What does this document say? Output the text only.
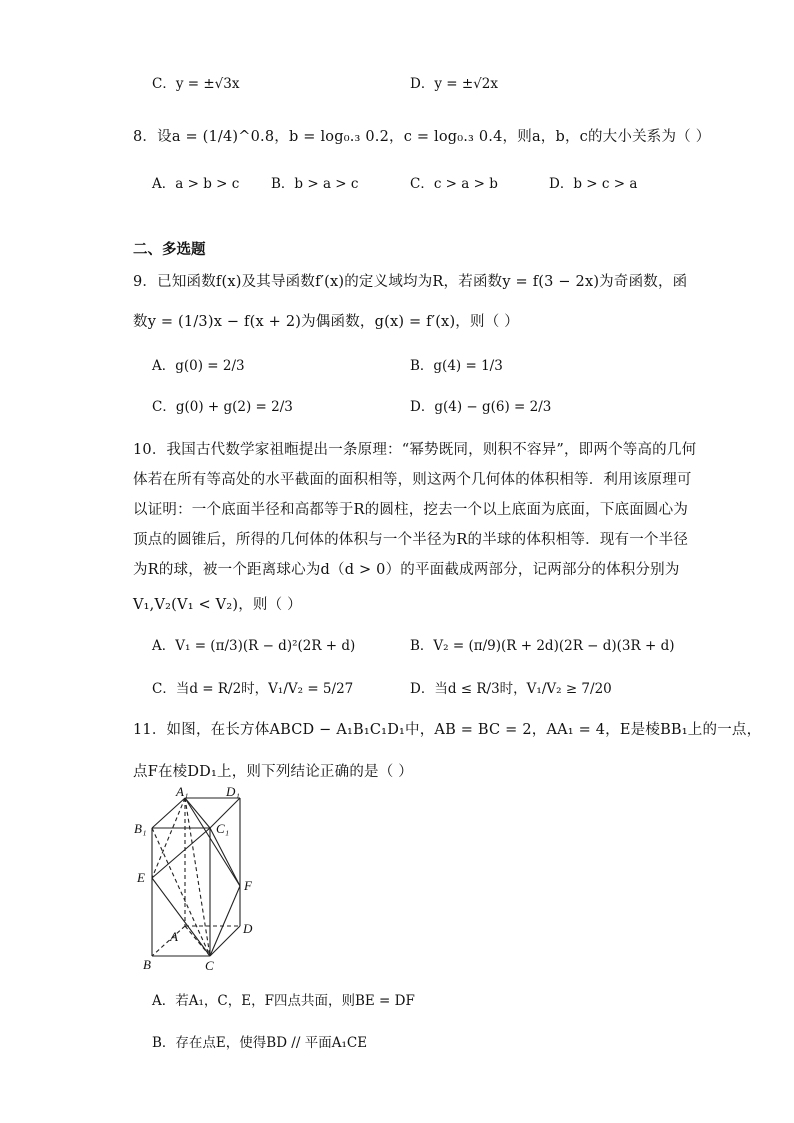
C．y = ±√3x	D．y = ±√2x
8．设a = (1/4)^0.8，b = log₀.₃ 0.2，c = log₀.₃ 0.4，则a，b，c的大小关系为（ ）
A．a > b > c B．b > a > c	C．c > a > b	D．b > c > a
二、多选题
9．已知函数f(x)及其导函数f′(x)的定义域均为R，若函数y = f(3 − 2x)为奇函数，函
数y = (1/3)x − f(x + 2)为偶函数，g(x) = f′(x)，则（ ）
A．g(0) = 2/3	B．g(4) = 1/3
C．g(0) + g(2) = 2/3	D．g(4) − g(6) = 2/3
10．我国古代数学家祖暅提出一条原理：“幂势既同，则积不容异”，即两个等高的几何
体若在所有等高处的水平截面的面积相等，则这两个几何体的体积相等．利用该原理可
以证明：一个底面半径和高都等于R的圆柱，挖去一个以上底面为底面，下底面圆心为
顶点的圆锥后，所得的几何体的体积与一个半径为R的半球的体积相等．现有一个半径
为R的球，被一个距离球心为d（d > 0）的平面截成两部分，记两部分的体积分别为
V₁,V₂(V₁ < V₂)，则（ ）
A．V₁ = (π/3)(R − d)²(2R + d)	B．V₂ = (π/9)(R + 2d)(2R − d)(3R + d)
C．当d = R/2时，V₁/V₂ = 5/27	D．当d ≤ R/3时，V₁/V₂ ≥ 7/20
11．如图，在长方体ABCD − A₁B₁C₁D₁中，AB = BC = 2，AA₁ = 4，E是棱BB₁上的一点，
点F在棱DD₁上，则下列结论正确的是（ ）
A₁	D₁
B₁	C₁
E
F
A
D
B	C
A．若A₁，C，E，F四点共面，则BE = DF
B．存在点E，使得BD // 平面A₁CE
